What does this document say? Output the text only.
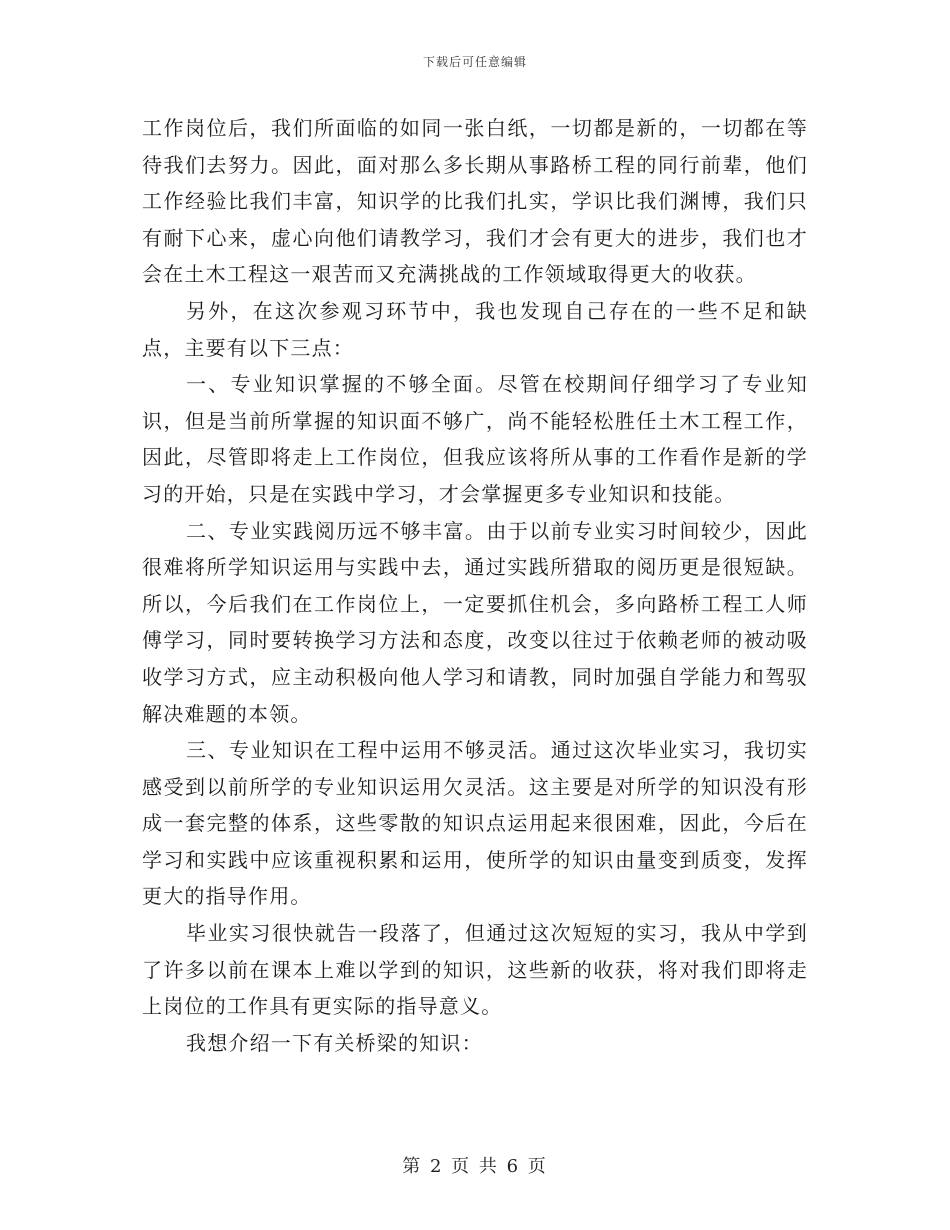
下载后可任意编辑

工作岗位后，我们所面临的如同一张白纸，一切都是新的，一切都在等待我们去努力。因此，面对那么多长期从事路桥工程的同行前辈，他们工作经验比我们丰富，知识学的比我们扎实，学识比我们渊博，我们只有耐下心来，虚心向他们请教学习，我们才会有更大的进步，我们也才会在土木工程这一艰苦而又充满挑战的工作领域取得更大的收获。

另外，在这次参观习环节中，我也发现自己存在的一些不足和缺点，主要有以下三点：

一、专业知识掌握的不够全面。尽管在校期间仔细学习了专业知识，但是当前所掌握的知识面不够广，尚不能轻松胜任土木工程工作，因此，尽管即将走上工作岗位，但我应该将所从事的工作看作是新的学习的开始，只是在实践中学习，才会掌握更多专业知识和技能。

二、专业实践阅历远不够丰富。由于以前专业实习时间较少，因此很难将所学知识运用与实践中去，通过实践所猎取的阅历更是很短缺。所以，今后我们在工作岗位上，一定要抓住机会，多向路桥工程工人师傅学习，同时要转换学习方法和态度，改变以往过于依赖老师的被动吸收学习方式，应主动积极向他人学习和请教，同时加强自学能力和驾驭解决难题的本领。

三、专业知识在工程中运用不够灵活。通过这次毕业实习，我切实感受到以前所学的专业知识运用欠灵活。这主要是对所学的知识没有形成一套完整的体系，这些零散的知识点运用起来很困难，因此，今后在学习和实践中应该重视积累和运用，使所学的知识由量变到质变，发挥更大的指导作用。

毕业实习很快就告一段落了，但通过这次短短的实习，我从中学到了许多以前在课本上难以学到的知识，这些新的收获，将对我们即将走上岗位的工作具有更实际的指导意义。

我想介绍一下有关桥梁的知识：

第 2 页 共 6 页
